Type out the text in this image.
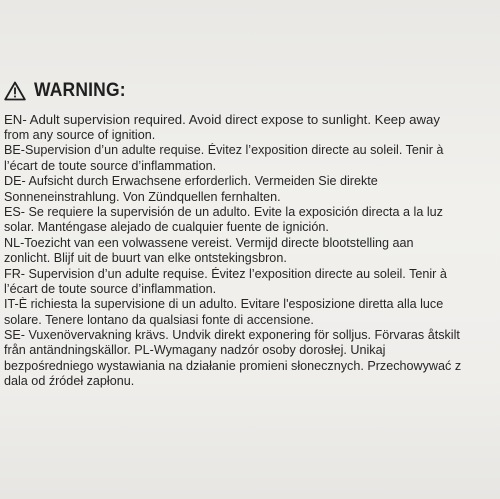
WARNING:
EN- Adult supervision required. Avoid direct expose to sunlight. Keep away
from any source of ignition.
BE-Supervision d’un adulte requise. Évitez l’exposition directe au soleil. Tenir à
l’écart de toute source d’inflammation.
DE- Aufsicht durch Erwachsene erforderlich. Vermeiden Sie direkte
Sonneneinstrahlung. Von Zündquellen fernhalten.
ES- Se requiere la supervisión de un adulto. Evite la exposición directa a la luz
solar. Manténgase alejado de cualquier fuente de ignición.
NL-Toezicht van een volwassene vereist. Vermijd directe blootstelling aan
zonlicht. Blijf uit de buurt van elke ontstekingsbron.
FR- Supervision d’un adulte requise. Évitez l’exposition directe au soleil. Tenir à
l’écart de toute source d’inflammation.
IT-È richiesta la supervisione di un adulto. Evitare l'esposizione diretta alla luce
solare. Tenere lontano da qualsiasi fonte di accensione.
SE- Vuxenövervakning krävs. Undvik direkt exponering för solljus. Förvaras åtskilt
från antändningskällor. PL-Wymagany nadzór osoby dorosłej. Unikaj
bezpośredniego wystawiania na działanie promieni słonecznych. Przechowywać z
dala od źródeł zapłonu.
